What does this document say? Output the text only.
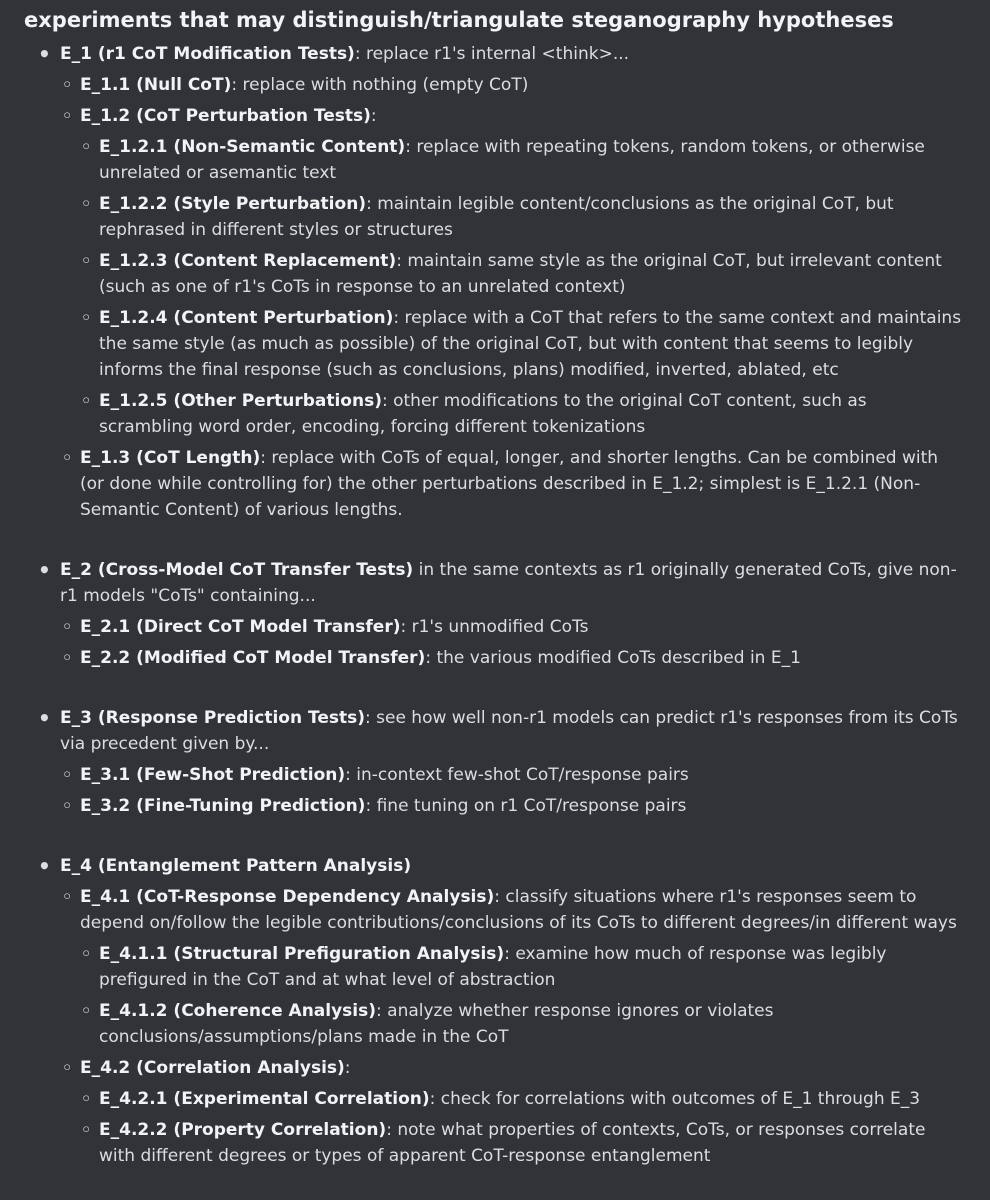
experiments that may distinguish/triangulate steganography hypotheses
• E_1 (r1 CoT Modification Tests): replace r1's internal <think>...
◦ E_1.1 (Null CoT): replace with nothing (empty CoT)
◦ E_1.2 (CoT Perturbation Tests):
◦ E_1.2.1 (Non-Semantic Content): replace with repeating tokens, random tokens, or otherwise unrelated or asemantic text
◦ E_1.2.2 (Style Perturbation): maintain legible content/conclusions as the original CoT, but rephrased in different styles or structures
◦ E_1.2.3 (Content Replacement): maintain same style as the original CoT, but irrelevant content (such as one of r1's CoTs in response to an unrelated context)
◦ E_1.2.4 (Content Perturbation): replace with a CoT that refers to the same context and maintains the same style (as much as possible) of the original CoT, but with content that seems to legibly informs the final response (such as conclusions, plans) modified, inverted, ablated, etc
◦ E_1.2.5 (Other Perturbations): other modifications to the original CoT content, such as scrambling word order, encoding, forcing different tokenizations
◦ E_1.3 (CoT Length): replace with CoTs of equal, longer, and shorter lengths. Can be combined with (or done while controlling for) the other perturbations described in E_1.2; simplest is E_1.2.1 (Non-Semantic Content) of various lengths.
• E_2 (Cross-Model CoT Transfer Tests) in the same contexts as r1 originally generated CoTs, give non-r1 models "CoTs" containing...
◦ E_2.1 (Direct CoT Model Transfer): r1's unmodified CoTs
◦ E_2.2 (Modified CoT Model Transfer): the various modified CoTs described in E_1
• E_3 (Response Prediction Tests): see how well non-r1 models can predict r1's responses from its CoTs via precedent given by...
◦ E_3.1 (Few-Shot Prediction): in-context few-shot CoT/response pairs
◦ E_3.2 (Fine-Tuning Prediction): fine tuning on r1 CoT/response pairs
• E_4 (Entanglement Pattern Analysis)
◦ E_4.1 (CoT-Response Dependency Analysis): classify situations where r1's responses seem to depend on/follow the legible contributions/conclusions of its CoTs to different degrees/in different ways
◦ E_4.1.1 (Structural Prefiguration Analysis): examine how much of response was legibly prefigured in the CoT and at what level of abstraction
◦ E_4.1.2 (Coherence Analysis): analyze whether response ignores or violates conclusions/assumptions/plans made in the CoT
◦ E_4.2 (Correlation Analysis):
◦ E_4.2.1 (Experimental Correlation): check for correlations with outcomes of E_1 through E_3
◦ E_4.2.2 (Property Correlation): note what properties of contexts, CoTs, or responses correlate with different degrees or types of apparent CoT-response entanglement
